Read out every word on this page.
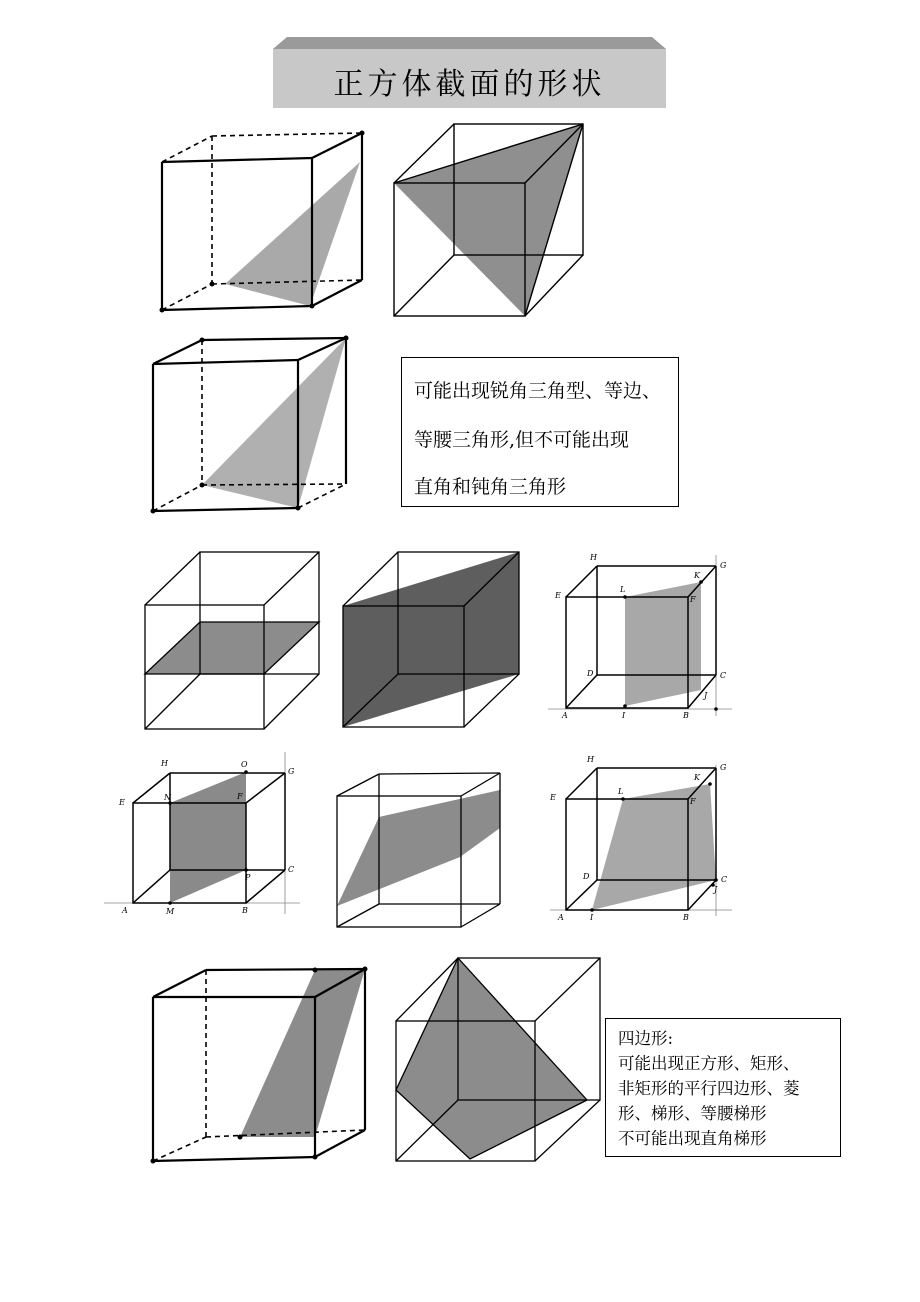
正方体截面的形状
可能出现锐角三角型、等边、
等腰三角形,但不可能出现
直角和钝角三角形
H
G
E
L
K
F
D	C
A	I	B
J
H	O
G
E
N	F
P
C
A	M	B
H
G
E
L
K
F
D	C
A	I	B
J
四边形:
可能出现正方形、矩形、
非矩形的平行四边形、菱
形、梯形、等腰梯形
不可能出现直角梯形
